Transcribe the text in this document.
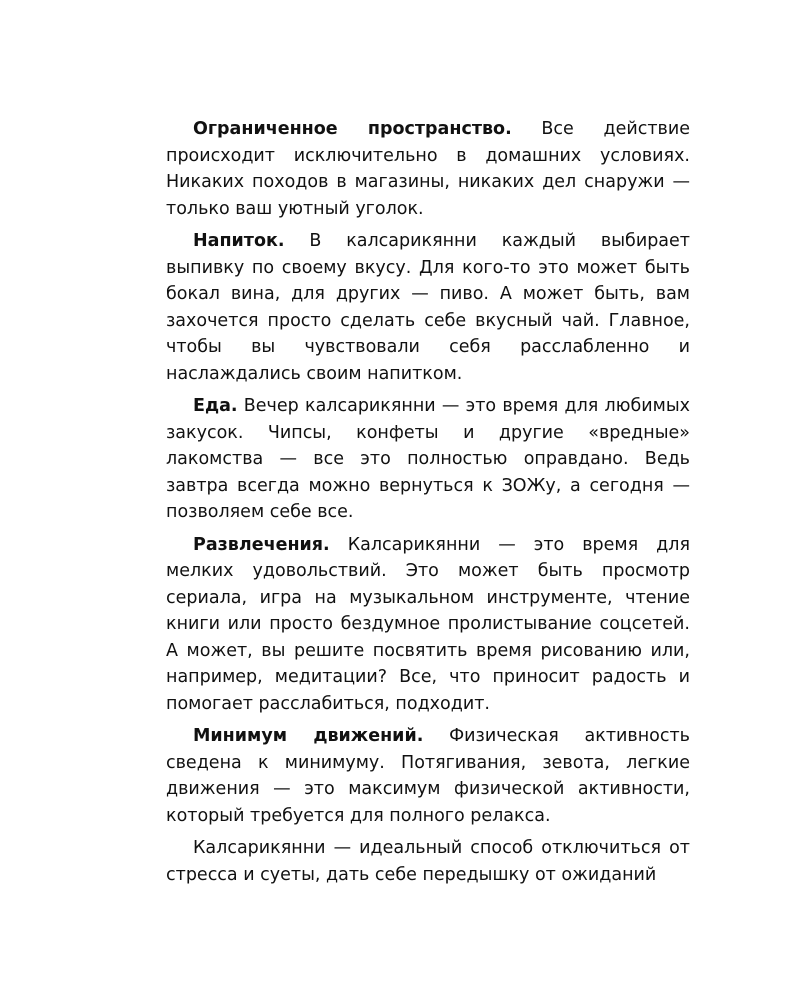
Ограниченное пространство. Все действие происходит исключительно в домашних условиях. Никаких походов в магазины, никаких дел снаружи — только ваш уютный уголок.

Напиток. В калсарикянни каждый выбирает выпивку по своему вкусу. Для кого-то это может быть бокал вина, для других — пиво. А может быть, вам захочется просто сделать себе вкусный чай. Главное, чтобы вы чувствовали себя расслабленно и наслаждались своим напитком.

Еда. Вечер калсарикянни — это время для любимых закусок. Чипсы, конфеты и другие «вредные» лакомства — все это полностью оправдано. Ведь завтра всегда можно вернуться к ЗОЖу, а сегодня — позволяем себе все.

Развлечения. Калсарикянни — это время для мелких удовольствий. Это может быть просмотр сериала, игра на музыкальном инструменте, чтение книги или просто бездумное пролистывание соцсетей. А может, вы решите посвятить время рисованию или, например, медитации? Все, что приносит радость и помогает расслабиться, подходит.

Минимум движений. Физическая активность сведена к минимуму. Потягивания, зевота, легкие движения — это максимум физической активности, который требуется для полного релакса.

Калсарикянни — идеальный способ отключиться от стресса и суеты, дать себе передышку от ожиданий
